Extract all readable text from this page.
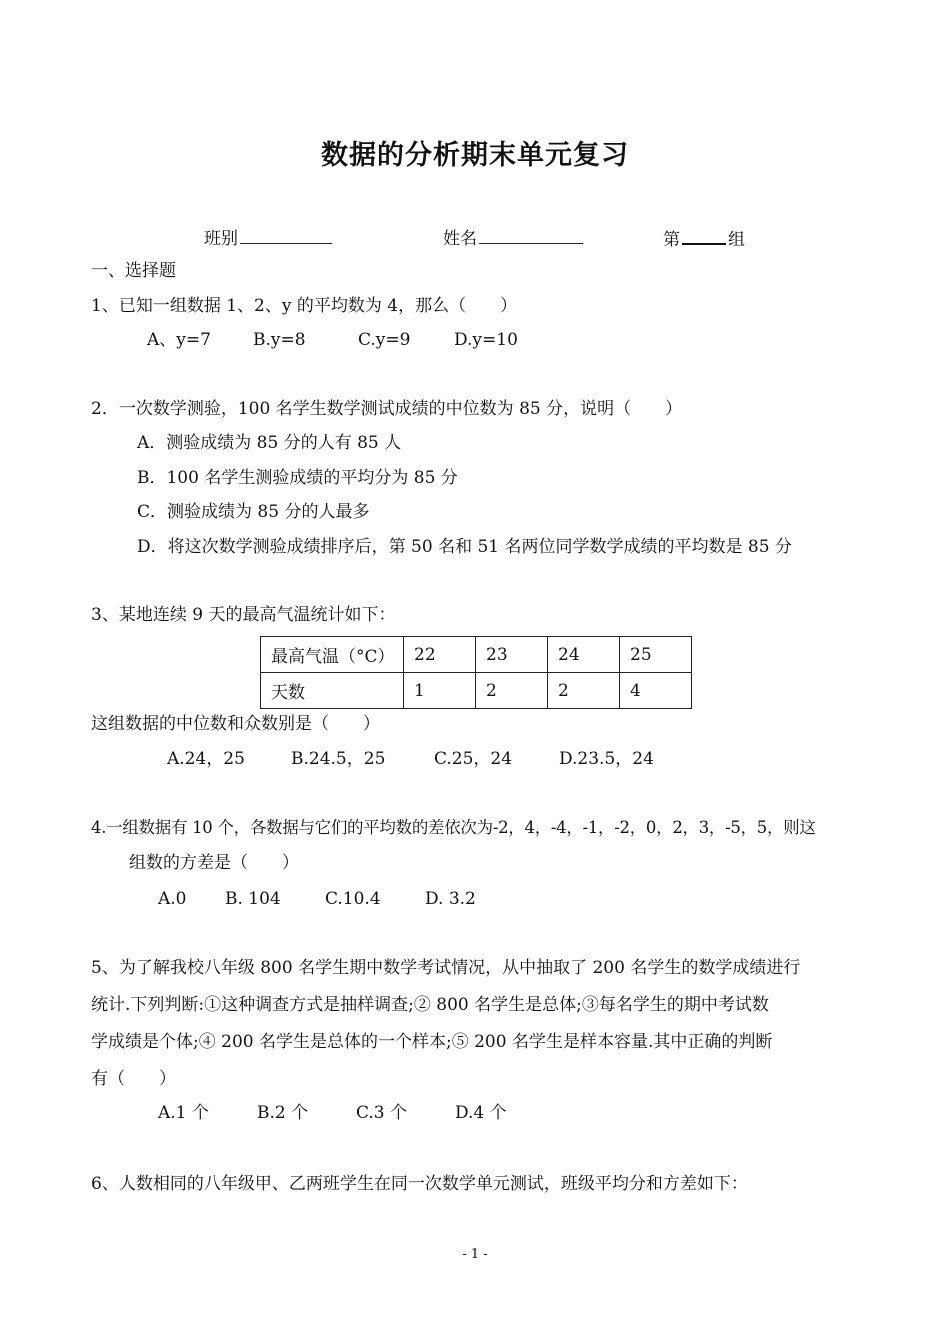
数据的分析期末单元复习
班别	姓名	第	组
一、选择题
1、已知一组数据 1、2、y 的平均数为 4，那么（　　）
A、y=7 B.y=8	C.y=9	D.y=10
2．一次数学测验，100 名学生数学测试成绩的中位数为 85 分，说明（　　）
A．测验成绩为 85 分的人有 85 人
B．100 名学生测验成绩的平均分为 85 分
C．测验成绩为 85 分的人最多
D．将这次数学测验成绩排序后，第 50 名和 51 名两位同学数学成绩的平均数是 85 分
3、某地连续 9 天的最高气温统计如下：
最高气温（°C）	22	23	24	25
天数	1	2	2	4
这组数据的中位数和众数别是（　　）
A.24，25	B.24.5，25	C.25，24	D.23.5，24
4.一组数据有 10 个，各数据与它们的平均数的差依次为-2，4，-4，-1，-2，0，2，3，-5，5，则这
组数的方差是（　　）
A.0 B. 104	C.10.4	D. 3.2
5、为了解我校八年级 800 名学生期中数学考试情况，从中抽取了 200 名学生的数学成绩进行
统计.下列判断:①这种调查方式是抽样调查;② 800 名学生是总体;③每名学生的期中考试数
学成绩是个体;④ 200 名学生是总体的一个样本;⑤ 200 名学生是样本容量.其中正确的判断
有（　　）
A.1 个	B.2 个	C.3 个	D.4 个
6、人数相同的八年级甲、乙两班学生在同一次数学单元测试，班级平均分和方差如下：
- 1 -
